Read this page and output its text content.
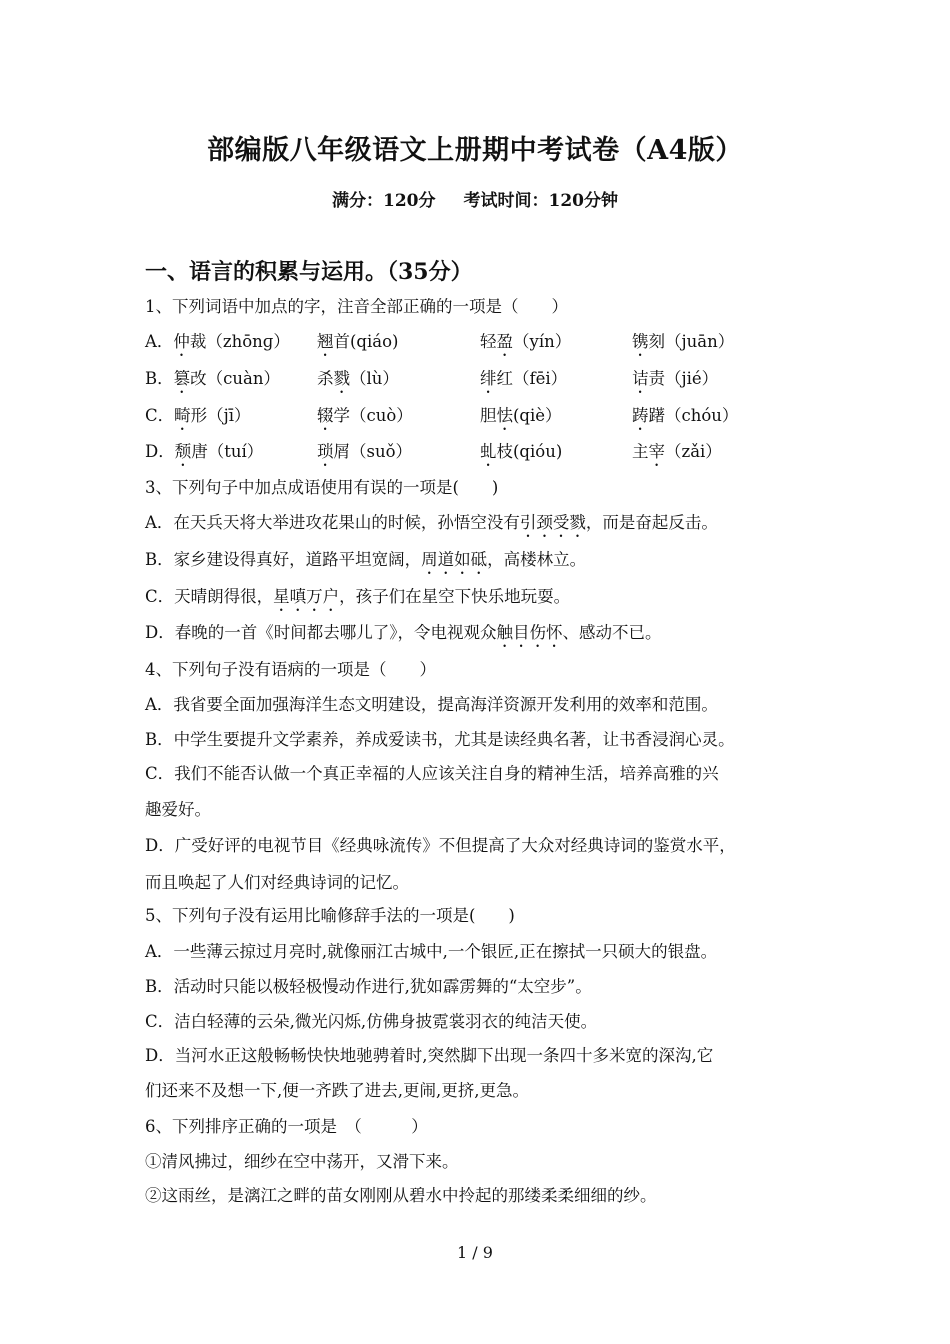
部编版八年级语文上册期中考试卷（A4版）
满分：120分 考试时间：120分钟
一、语言的积累与运用。（35分）
1、下列词语中加点的字，注音全部正确的一项是（　　）
A．仲裁（zhōnɡ） 翘首(qiáo)	轻盈（yín）	镌刻（juān）
B．篡改（cuàn） 杀戮（lù）	绯红（fēi）	诘责（jié）
C．畸形（jī）	辍学（cuò）	胆怯(qiè）	踌躇（chóu）
D．颓唐（tuí）	琐屑（suǒ）	虬枝(qióu)	主宰（zǎi）
3、下列句子中加点成语使用有误的一项是(　　)
A．在天兵天将大举进攻花果山的时候，孙悟空没有引颈受戮，而是奋起反击。
B．家乡建设得真好，道路平坦宽阔，周道如砥，高楼林立。
C．天晴朗得很，星嗔万户，孩子们在星空下快乐地玩耍。
D．春晚的一首《时间都去哪儿了》，令电视观众触目伤怀、感动不已。
4、下列句子没有语病的一项是（　　）
A．我省要全面加强海洋生态文明建设，提高海洋资源开发利用的效率和范围。
B．中学生要提升文学素养，养成爱读书，尤其是读经典名著，让书香浸润心灵。
C．我们不能否认做一个真正幸福的人应该关注自身的精神生活，培养高雅的兴
趣爱好。
D．广受好评的电视节目《经典咏流传》不但提高了大众对经典诗词的鉴赏水平，
而且唤起了人们对经典诗词的记忆。
5、下列句子没有运用比喻修辞手法的一项是(　　)
A．一些薄云掠过月亮时,就像丽江古城中,一个银匠,正在擦拭一只硕大的银盘。
B．活动时只能以极轻极慢动作进行,犹如霹雳舞的“太空步”。
C．洁白轻薄的云朵,微光闪烁,仿佛身披霓裳羽衣的纯洁天使。
D．当河水正这般畅畅快快地驰骋着时,突然脚下出现一条四十多米宽的深沟,它
们还来不及想一下,便一齐跌了进去,更闹,更挤,更急。
6、下列排序正确的一项是　（　　　）
①清风拂过，细纱在空中荡开，又滑下来。
②这雨丝，是漓江之畔的苗女刚刚从碧水中拎起的那缕柔柔细细的纱。
1 / 9
